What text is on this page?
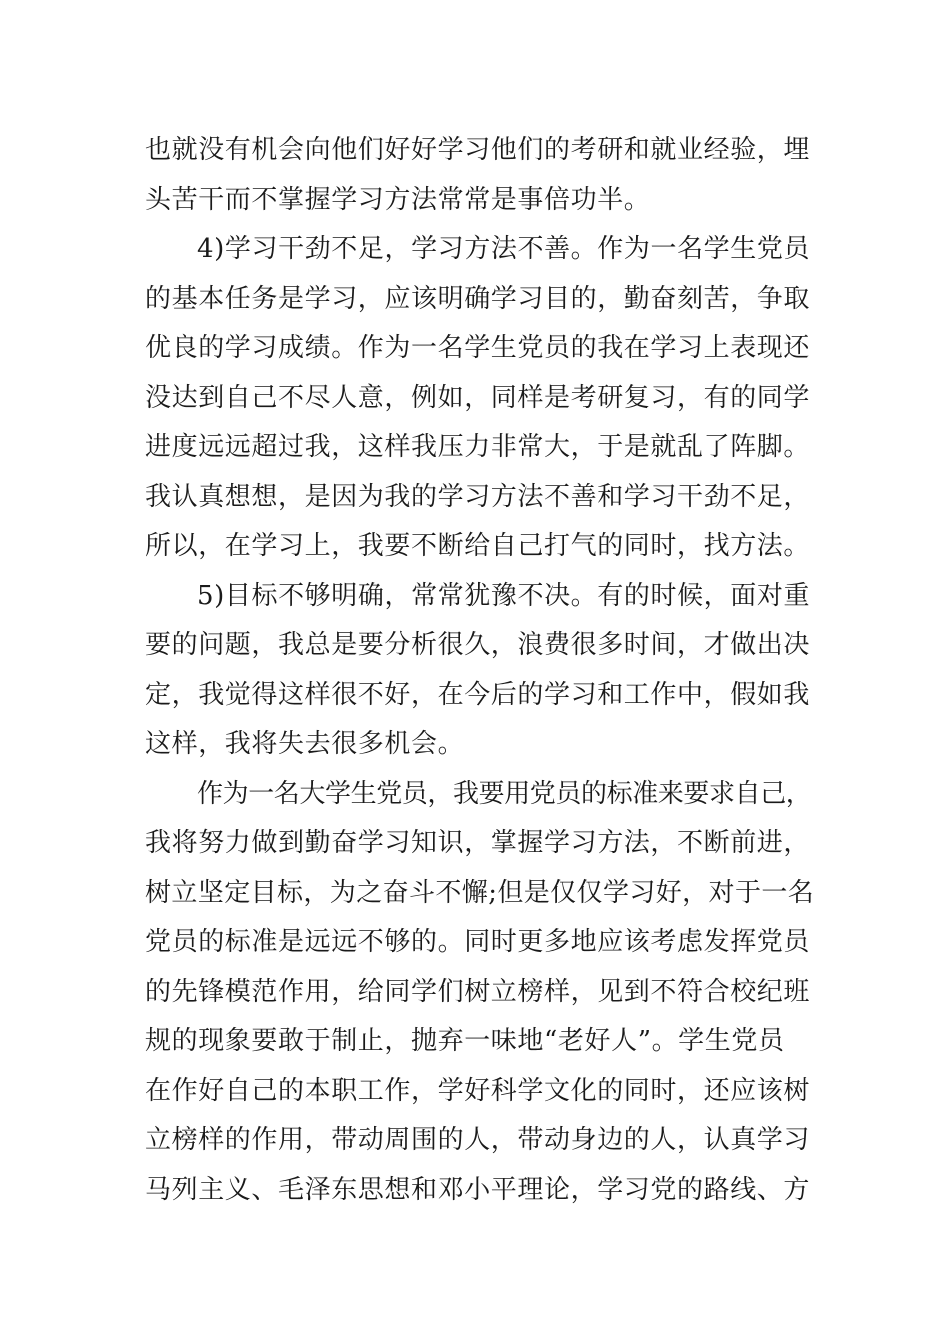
也就没有机会向他们好好学习他们的考研和就业经验，埋
头苦干而不掌握学习方法常常是事倍功半。
4)学习干劲不足，学习方法不善。作为一名学生党员
的基本任务是学习，应该明确学习目的，勤奋刻苦，争取
优良的学习成绩。作为一名学生党员的我在学习上表现还
没达到自己不尽人意，例如，同样是考研复习，有的同学
进度远远超过我，这样我压力非常大，于是就乱了阵脚。
我认真想想，是因为我的学习方法不善和学习干劲不足，
所以，在学习上，我要不断给自己打气的同时，找方法。
5)目标不够明确，常常犹豫不决。有的时候，面对重
要的问题，我总是要分析很久，浪费很多时间，才做出决
定，我觉得这样很不好，在今后的学习和工作中，假如我
这样，我将失去很多机会。
作为一名大学生党员，我要用党员的标准来要求自己，
我将努力做到勤奋学习知识，掌握学习方法，不断前进，
树立坚定目标，为之奋斗不懈;但是仅仅学习好，对于一名
党员的标准是远远不够的。同时更多地应该考虑发挥党员
的先锋模范作用，给同学们树立榜样，见到不符合校纪班
规的现象要敢于制止，抛弃一味地“老好人”。学生党员
在作好自己的本职工作，学好科学文化的同时，还应该树
立榜样的作用，带动周围的人，带动身边的人，认真学习
马列主义、毛泽东思想和邓小平理论，学习党的路线、方
